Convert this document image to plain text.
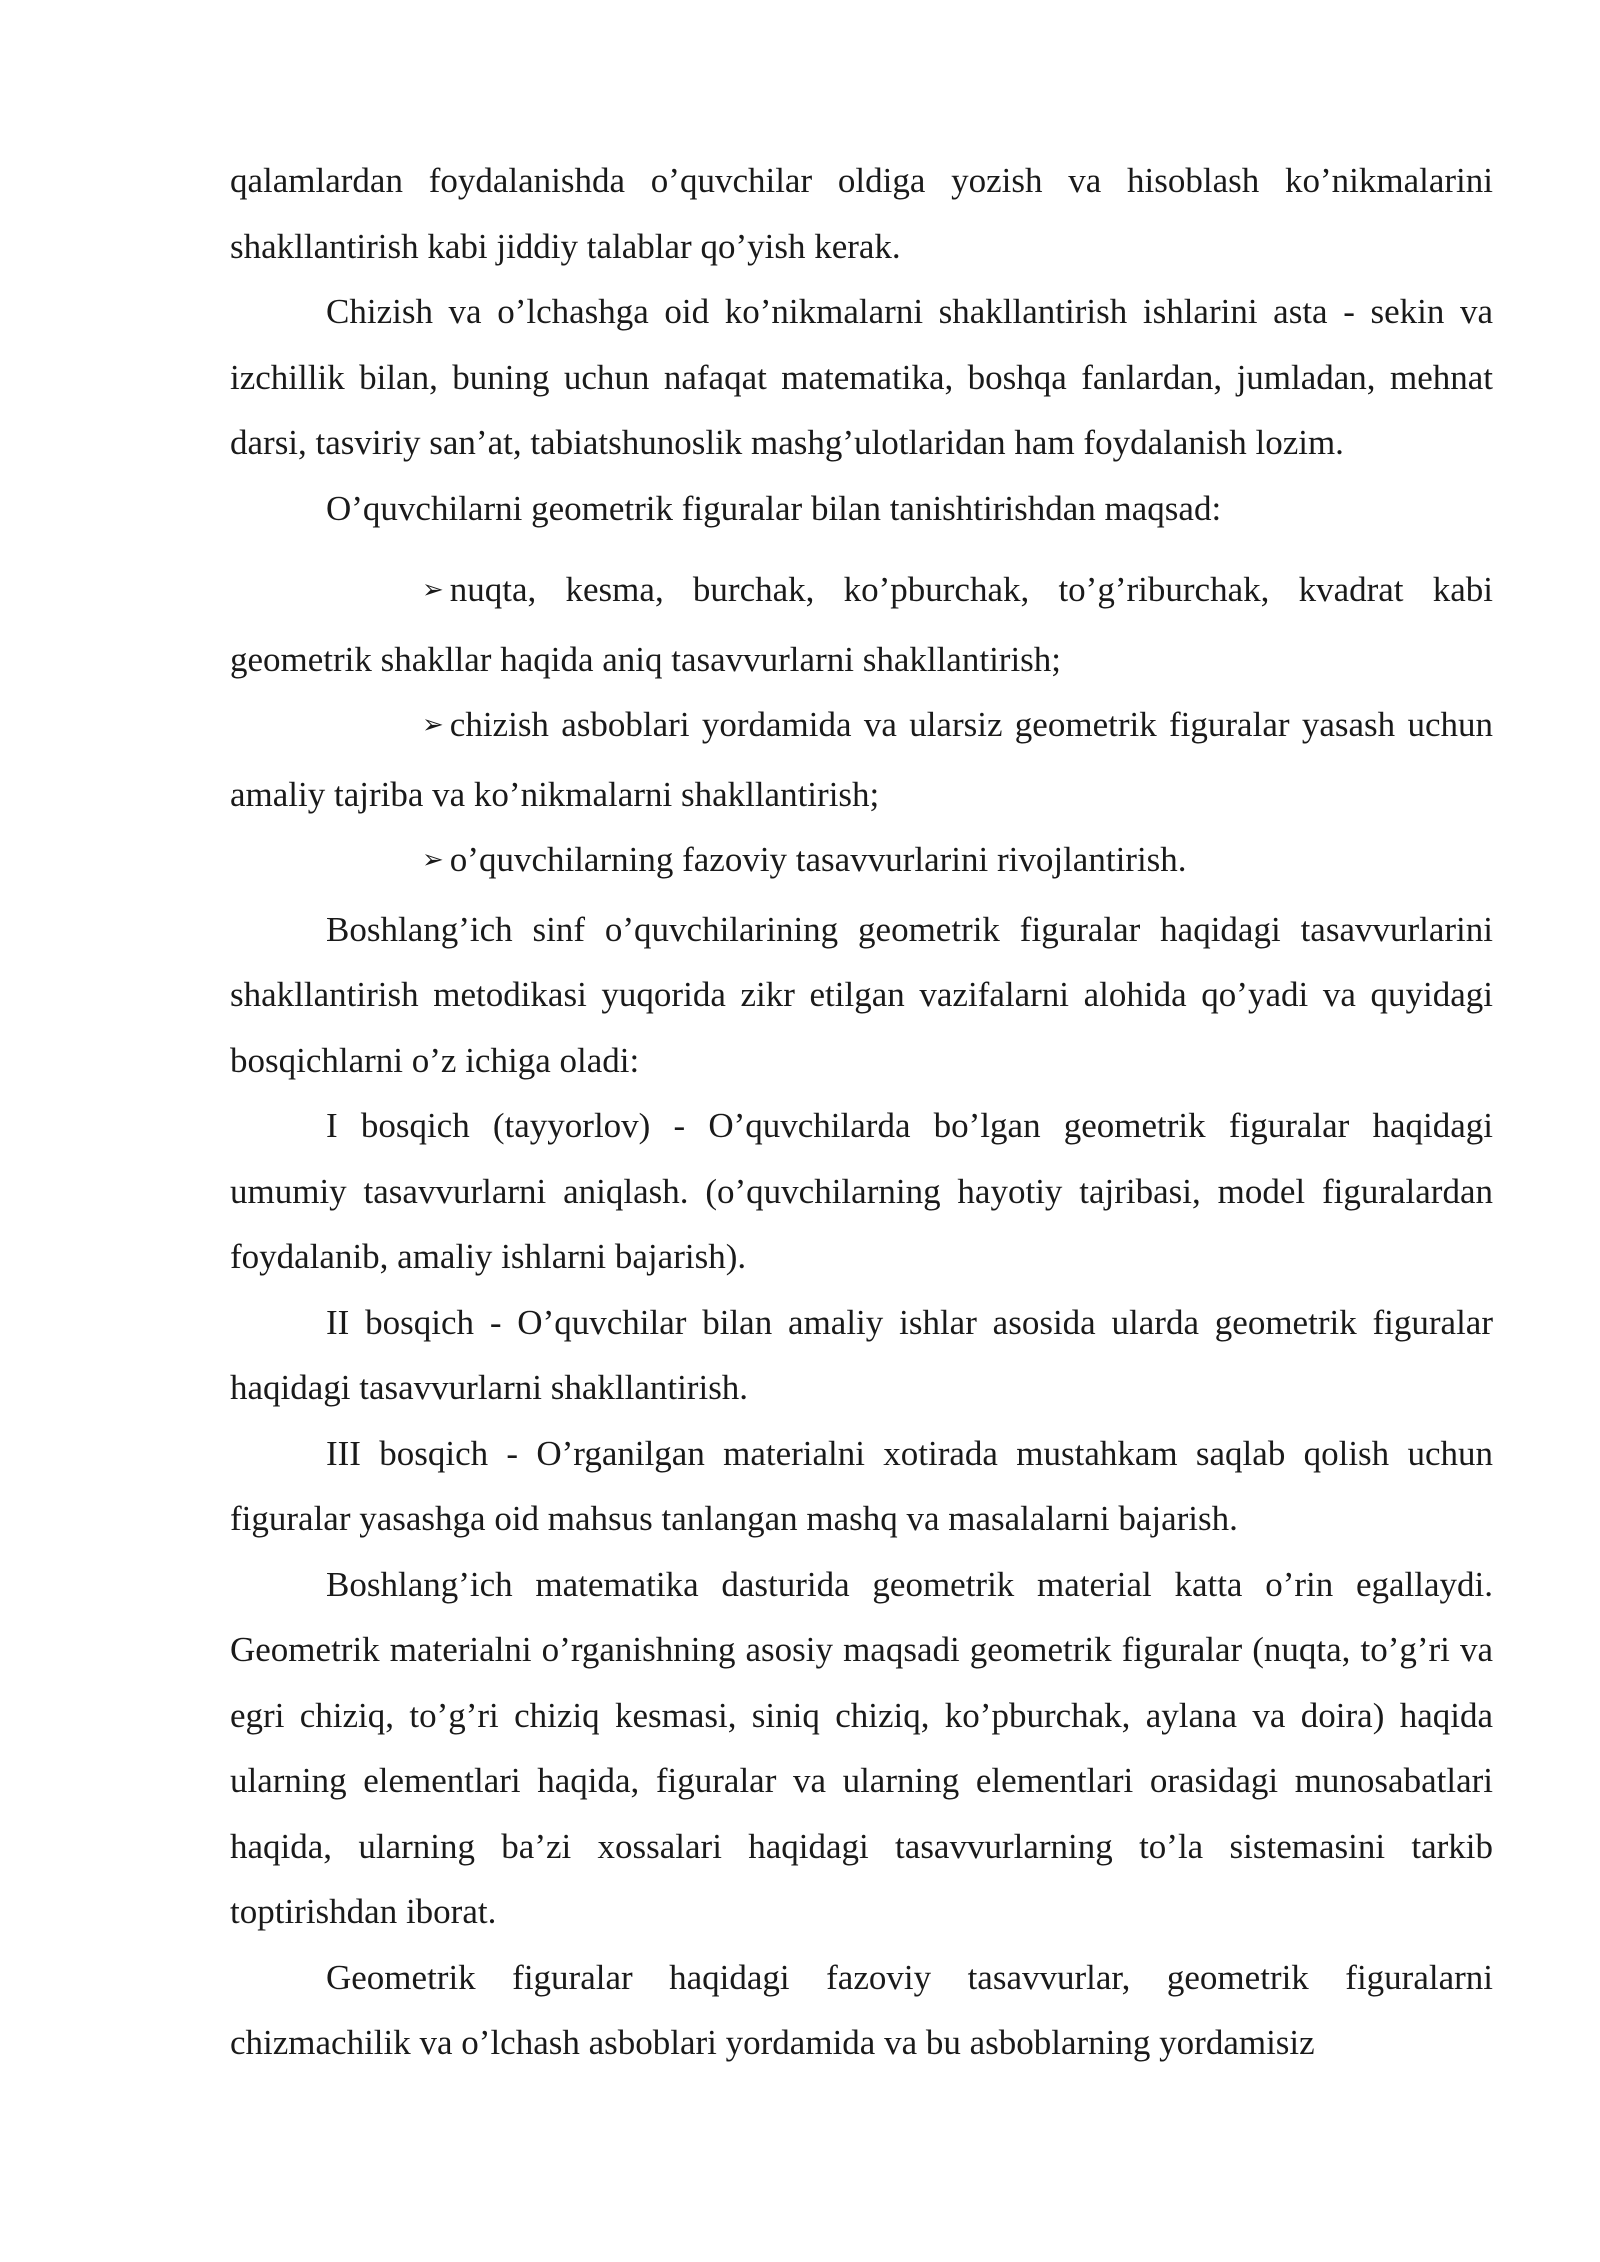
qalamlardan foydalanishda o’quvchilar oldiga yozish va hisoblash ko’nikmalarini shakllantirish kabi jiddiy talablar qo’yish kerak.

Chizish va o’lchashga oid ko’nikmalarni shakllantirish ishlarini asta - sekin va izchillik bilan, buning uchun nafaqat matematika, boshqa fanlardan, jumladan, mehnat darsi, tasviriy san’at, tabiatshunoslik mashg’ulotlaridan ham foydalanish lozim.

O’quvchilarni geometrik figuralar bilan tanishtirishdan maqsad:

➢ nuqta, kesma, burchak, ko’pburchak, to’g’riburchak, kvadrat kabi geometrik shakllar haqida aniq tasavvurlarni shakllantirish;

➢ chizish asboblari yordamida va ularsiz geometrik figuralar yasash uchun amaliy tajriba va ko’nikmalarni shakllantirish;

➢ o’quvchilarning fazoviy tasavvurlarini rivojlantirish.

Boshlang’ich sinf o’quvchilarining geometrik figuralar haqidagi tasavvurlarini shakllantirish metodikasi yuqorida zikr etilgan vazifalarni alohida qo’yadi va quyidagi bosqichlarni o’z ichiga oladi:

I bosqich (tayyorlov) - O’quvchilarda bo’lgan geometrik figuralar haqidagi umumiy tasavvurlarni aniqlash. (o’quvchilarning hayotiy tajribasi, model figuralardan foydalanib, amaliy ishlarni bajarish).

II bosqich - O’quvchilar bilan amaliy ishlar asosida ularda geometrik figuralar haqidagi tasavvurlarni shakllantirish.

III bosqich - O’rganilgan materialni xotirada mustahkam saqlab qolish uchun figuralar yasashga oid mahsus tanlangan mashq va masalalarni bajarish.

Boshlang’ich matematika dasturida geometrik material katta o’rin egallaydi. Geometrik materialni o’rganishning asosiy maqsadi geometrik figuralar (nuqta, to’g’ri va egri chiziq, to’g’ri chiziq kesmasi, siniq chiziq, ko’pburchak, aylana va doira) haqida ularning elementlari haqida, figuralar va ularning elementlari orasidagi munosabatlari haqida, ularning ba’zi xossalari haqidagi tasavvurlarning to’la sistemasini tarkib toptirishdan iborat.

Geometrik figuralar haqidagi fazoviy tasavvurlar, geometrik figuralarni chizmachilik va o’lchash asboblari yordamida va bu asboblarning yordamisiz
